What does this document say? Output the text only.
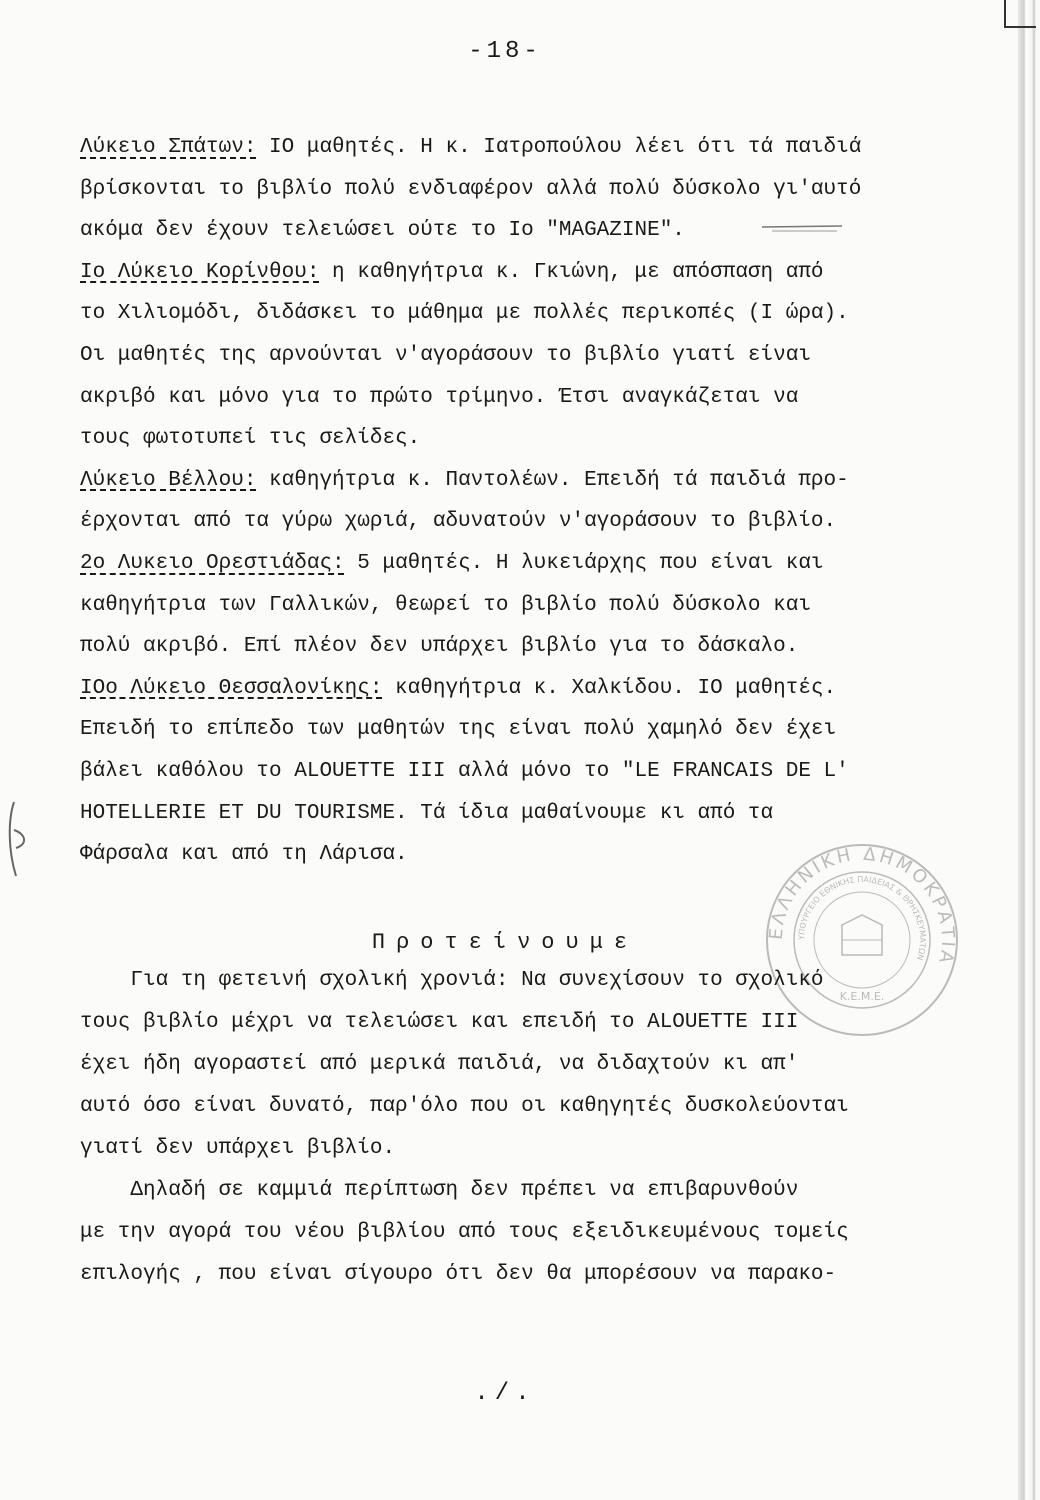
-18-
Λύκειο Σπάτων: ΙΟ μαθητές. Η κ. Ιατροπούλου λέει ότι τά παιδιά
βρίσκονται το βιβλίο πολύ ενδιαφέρον αλλά πολύ δύσκολο γι'αυτό
ακόμα δεν έχουν τελειώσει ούτε το Ιο "MAGAZINE".
Ιο Λύκειο Κορίνθου: η καθηγήτρια κ. Γκιώνη, με απόσπαση από
το Χιλιομόδι, διδάσκει το μάθημα με πολλές περικοπές (Ι ώρα).
Οι μαθητές της αρνούνται ν'αγοράσουν το βιβλίο γιατί είναι
ακριβό και μόνο για το πρώτο τρίμηνο. Έτσι αναγκάζεται να
τους φωτοτυπεί τις σελίδες.
Λύκειο Βέλλου: καθηγήτρια κ. Παντολέων. Επειδή τά παιδιά προ-
έρχονται από τα γύρω χωριά, αδυνατούν ν'αγοράσουν το βιβλίο.
2ο Λυκειο Ορεστιάδας: 5 μαθητές. Η λυκειάρχης που είναι και
καθηγήτρια των Γαλλικών, θεωρεί το βιβλίο πολύ δύσκολο και
πολύ ακριβό. Επί πλέον δεν υπάρχει βιβλίο για το δάσκαλο.
ΙΟο Λύκειο Θεσσαλονίκης: καθηγήτρια κ. Χαλκίδου. ΙΟ μαθητές.
Επειδή το επίπεδο των μαθητών της είναι πολύ χαμηλό δεν έχει
βάλει καθόλου το ALOUETTE III αλλά μόνο το "LE FRANCAIS DE L'
HOTELLERIE ET DU TOURISME. Τά ίδια μαθαίνουμε κι από τα
Φάρσαλα και από τη Λάρισα.
Προτείνουμε
Για τη φετεινή σχολική χρονιά: Να συνεχίσουν το σχολικό
τους βιβλίο μέχρι να τελειώσει και επειδή το ALOUETTE III
έχει ήδη αγοραστεί από μερικά παιδιά, να διδαχτούν κι απ'
αυτό όσο είναι δυνατό, παρ'όλο που οι καθηγητές δυσκολεύονται
γιατί δεν υπάρχει βιβλίο.
Δηλαδή σε καμμιά περίπτωση δεν πρέπει να επιβαρυνθούν
με την αγορά του νέου βιβλίου από τους εξειδικευμένους τομείς
επιλογής , που είναι σίγουρο ότι δεν θα μπορέσουν να παρακο-
./.
ΕΛΛΗΝΙΚΗ ΔΗΜΟΚΡΑΤΙΑ
ΥΠΟΥΡΓΕΙΟ ΕΘΝΙΚΗΣ ΠΑΙΔΕΙΑΣ & ΘΡΗΣΚΕΥΜΑΤΩΝ
Κ.Ε.Μ.Ε.
